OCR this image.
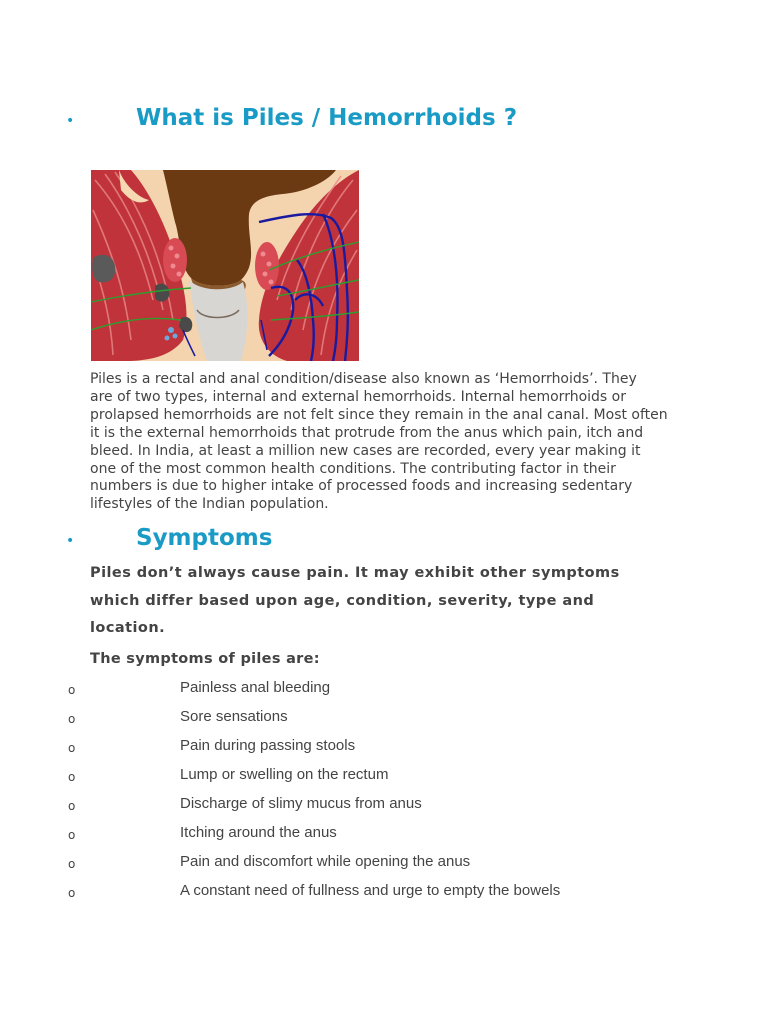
•	What is Piles / Hemorrhoids ?
Piles is a rectal and anal condition/disease also known as ‘Hemorrhoids’. They
are of two types, internal and external hemorrhoids. Internal hemorrhoids or
prolapsed hemorrhoids are not felt since they remain in the anal canal. Most often
it is the external hemorrhoids that protrude from the anus which pain, itch and
bleed. In India, at least a million new cases are recorded, every year making it
one of the most common health conditions. The contributing factor in their
numbers is due to higher intake of processed foods and increasing sedentary
lifestyles of the Indian population.
•	Symptoms
Piles don’t always cause pain. It may exhibit other symptoms
which differ based upon age, condition, severity, type and
location.
The symptoms of piles are:
o	Painless anal bleeding
o	Sore sensations
o	Pain during passing stools
o	Lump or swelling on the rectum
o	Discharge of slimy mucus from anus
o	Itching around the anus
o	Pain and discomfort while opening the anus
o	A constant need of fullness and urge to empty the bowels
